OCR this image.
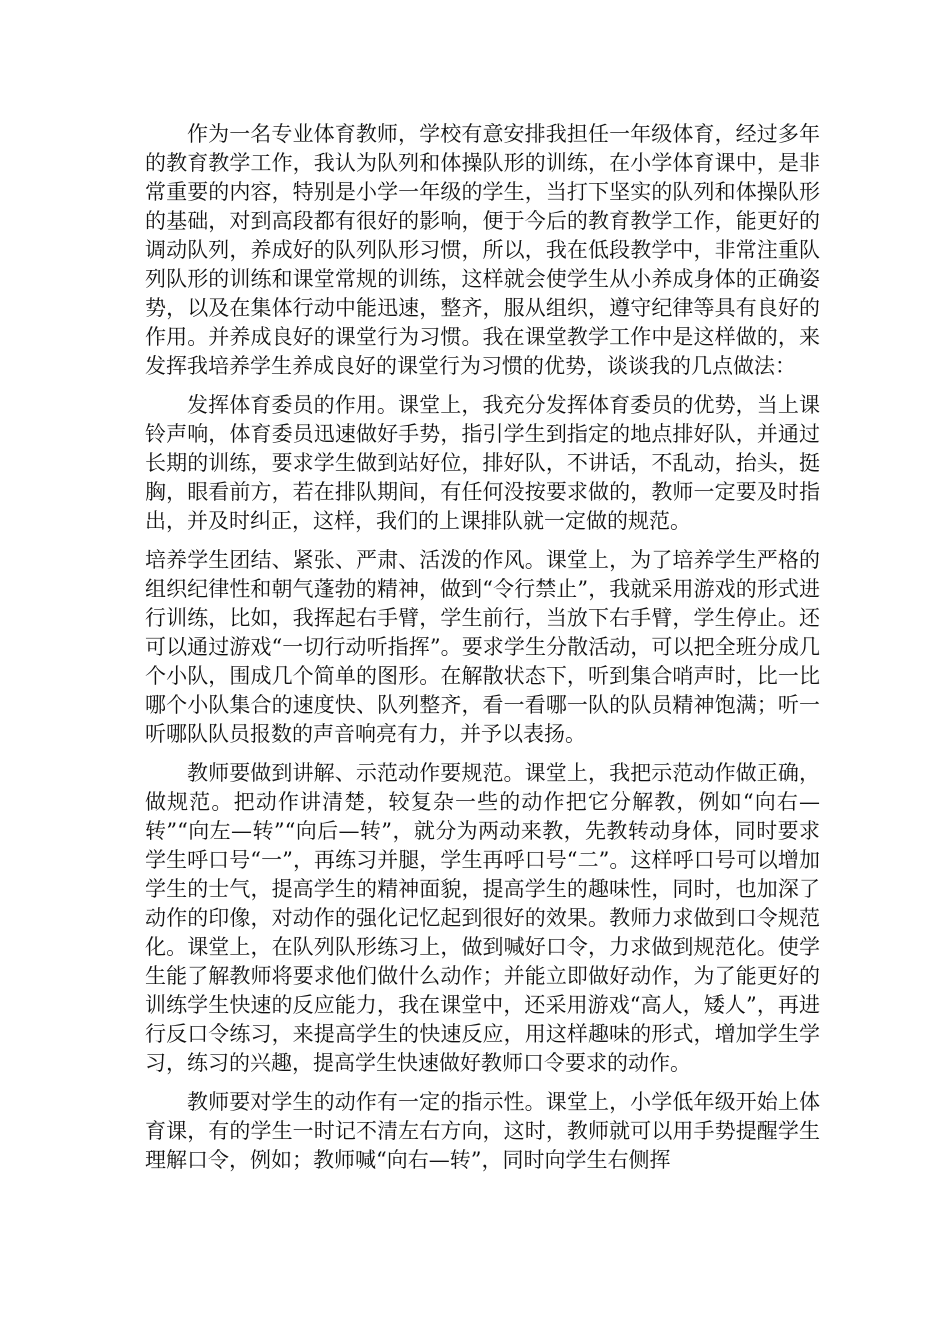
作为一名专业体育教师，学校有意安排我担任一年级体育，经过多年的教育教学工作，我认为队列和体操队形的训练，在小学体育课中，是非常重要的内容，特别是小学一年级的学生，当打下坚实的队列和体操队形的基础，对到高段都有很好的影响，便于今后的教育教学工作，能更好的调动队列，养成好的队列队形习惯，所以，我在低段教学中，非常注重队列队形的训练和课堂常规的训练，这样就会使学生从小养成身体的正确姿势，以及在集体行动中能迅速，整齐，服从组织，遵守纪律等具有良好的作用。并养成良好的课堂行为习惯。我在课堂教学工作中是这样做的，来发挥我培养学生养成良好的课堂行为习惯的优势，谈谈我的几点做法：

发挥体育委员的作用。课堂上，我充分发挥体育委员的优势，当上课铃声响，体育委员迅速做好手势，指引学生到指定的地点排好队，并通过长期的训练，要求学生做到站好位，排好队，不讲话，不乱动，抬头，挺胸，眼看前方，若在排队期间，有任何没按要求做的，教师一定要及时指出，并及时纠正，这样，我们的上课排队就一定做的规范。

培养学生团结、紧张、严肃、活泼的作风。课堂上，为了培养学生严格的组织纪律性和朝气蓬勃的精神，做到“令行禁止”，我就采用游戏的形式进行训练，比如，我挥起右手臂，学生前行，当放下右手臂，学生停止。还可以通过游戏“一切行动听指挥”。要求学生分散活动，可以把全班分成几个小队，围成几个简单的图形。在解散状态下，听到集合哨声时，比一比哪个小队集合的速度快、队列整齐，看一看哪一队的队员精神饱满；听一听哪队队员报数的声音响亮有力，并予以表扬。

教师要做到讲解、示范动作要规范。课堂上，我把示范动作做正确，做规范。把动作讲清楚，较复杂一些的动作把它分解教，例如“向右—转”“向左—转”“向后—转”，就分为两动来教，先教转动身体，同时要求学生呼口号“一”，再练习并腿，学生再呼口号“二”。这样呼口号可以增加学生的士气，提高学生的精神面貌，提高学生的趣味性，同时，也加深了动作的印像，对动作的强化记忆起到很好的效果。教师力求做到口令规范化。课堂上，在队列队形练习上，做到喊好口令，力求做到规范化。使学生能了解教师将要求他们做什么动作；并能立即做好动作，为了能更好的训练学生快速的反应能力，我在课堂中，还采用游戏“高人，矮人”，再进行反口令练习，来提高学生的快速反应，用这样趣味的形式，增加学生学习，练习的兴趣，提高学生快速做好教师口令要求的动作。

教师要对学生的动作有一定的指示性。课堂上，小学低年级开始上体育课，有的学生一时记不清左右方向，这时，教师就可以用手势提醒学生理解口令，例如；教师喊“向右—转”，同时向学生右侧挥
